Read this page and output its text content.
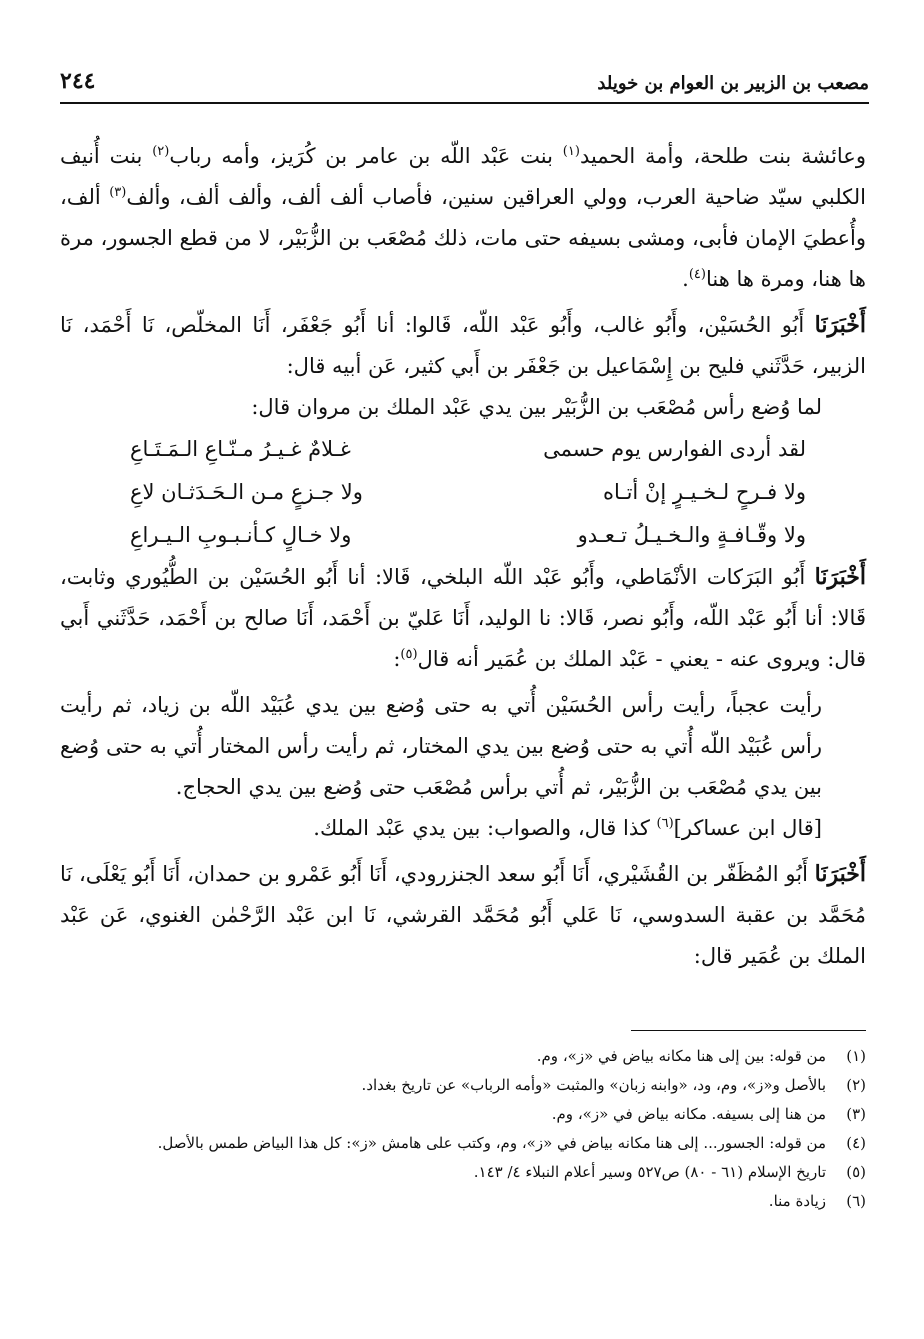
مصعب بن الزبير بن العوام بن خويلد
٢٤٤

وعائشة بنت طلحة، وأمة الحميد$^{(١)}$ بنت عَبْد اللّه بن عامر بن كُرَيز، وأمه رباب$^{(٢)}$ بنت أُنيف الكلبي سيّد ضاحية العرب، وولي العراقين سنين، فأصاب ألف ألف، وألف ألف، وألف$^{(٣)}$ ألف، وأُعطيَ الإمان فأبى، ومشى بسيفه حتى مات، ذلك مُصْعَب بن الزُّبَيْر، لا من قطع الجسور، مرة ها هنا، ومرة ها هنا$^{(٤)}$.

أَخْبَرَنَا أَبُو الحُسَيْن، وأَبُو غالب، وأَبُو عَبْد اللّه، قَالوا: أنا أَبُو جَعْفَر، أَنَا المخلّص، نَا أَحْمَد، نَا الزبير، حَدَّثَني فليح بن إِسْمَاعيل بن جَعْفَر بن أَبي كثير، عَن أبيه قال:

لما وُضع رأس مُصْعَب بن الزُّبَيْر بين يدي عَبْد الملك بن مروان قال:

لقد أردى الفوارس يوم حسمى
غـلامٌ غـيـرُ مـنّـاعِ الـمَـتَـاعِ
ولا فـرحٍ لـخـيـرٍ إنْ أتـاه
ولا جـزعٍ مـن الـحَـدَثـان لاعِ
ولا وقّـافـةٍ والـخـيـلُ تـعـدو
ولا خـالٍ كـأنـبـوبِ الـيـراعِ

أَخْبَرَنَا أَبُو البَرَكات الأنْمَاطي، وأَبُو عَبْد اللّه البلخي، قَالا: أنا أَبُو الحُسَيْن بن الطُّيُوري وثابت، قَالا: أنا أَبُو عَبْد اللّه، وأَبُو نصر، قَالا: نا الوليد، أَنَا عَليّ بن أَحْمَد، أَنَا صالح بن أَحْمَد، حَدَّثَني أَبي قال: ويروى عنه - يعني - عَبْد الملك بن عُمَير أنه قال$^{(٥)}$:

رأيت عجباً، رأيت رأس الحُسَيْن أُتي به حتى وُضع بين يدي عُبَيْد اللّه بن زياد، ثم رأيت رأس عُبَيْد اللّه أُتي به حتى وُضع بين يدي المختار، ثم رأيت رأس المختار أُتي به حتى وُضع بين يدي مُصْعَب بن الزُّبَيْر، ثم أُتي برأس مُصْعَب حتى وُضع بين يدي الحجاج.

[قال ابن عساكر]$^{(٦)}$ كذا قال، والصواب: بين يدي عَبْد الملك.

أَخْبَرَنَا أَبُو المُظَفّر بن القُشَيْري، أَنَا أَبُو سعد الجنزرودي، أَنَا أَبُو عَمْرو بن حمدان، أَنَا أَبُو يَعْلَى، نَا مُحَمَّد بن عقبة السدوسي، نَا عَلي أَبُو مُحَمَّد القرشي، نَا ابن عَبْد الرَّحْمٰن الغنوي، عَن عَبْد الملك بن عُمَير قال:

(١)
من قوله: بين إلى هنا مكانه بياض في «ز»، وم.
(٢)
بالأصل و«ز»، وم، ود، «وابنه زبان» والمثبت «وأمه الرباب» عن تاريخ بغداد.
(٣)
من هنا إلى بسيفه. مكانه بياض في «ز»، وم.
(٤)
من قوله: الجسور... إلى هنا مكانه بياض في «ز»، وم، وكتب على هامش «ز»: كل هذا البياض طمس بالأصل.
(٥)
تاريخ الإسلام (٦١ - ٨٠) ص٥٢٧ وسير أعلام النبلاء ٤/ ١٤٣.
(٦)
زيادة منا.
